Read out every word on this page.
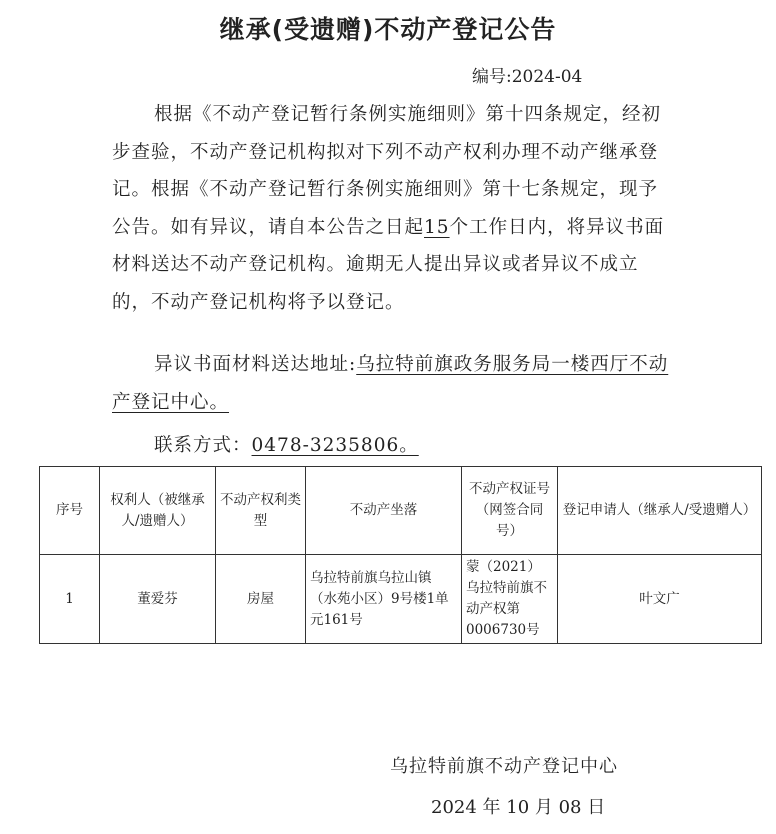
继承(受遗赠)不动产登记公告
编号:2024-04

根据《不动产登记暂行条例实施细则》第十四条规定，经初步查验，不动产登记机构拟对下列不动产权利办理不动产继承登记。根据《不动产登记暂行条例实施细则》第十七条规定，现予公告。如有异议，请自本公告之日起15个工作日内，将异议书面材料送达不动产登记机构。逾期无人提出异议或者异议不成立的，不动产登记机构将予以登记。

异议书面材料送达地址:乌拉特前旗政务服务局一楼西厅不动产登记中心。

联系方式：0478-3235806。

序号	权利人（被继承人/遗赠人）	不动产权利类型	不动产坐落	不动产权证号（网签合同号）	登记申请人（继承人/受遗赠人）
1	董爱芬	房屋	乌拉特前旗乌拉山镇（水苑小区）9号楼1单元161号	蒙（2021）乌拉特前旗不动产权第0006730号	叶文广
乌拉特前旗不动产登记中心
2024 年 10 月 08 日
